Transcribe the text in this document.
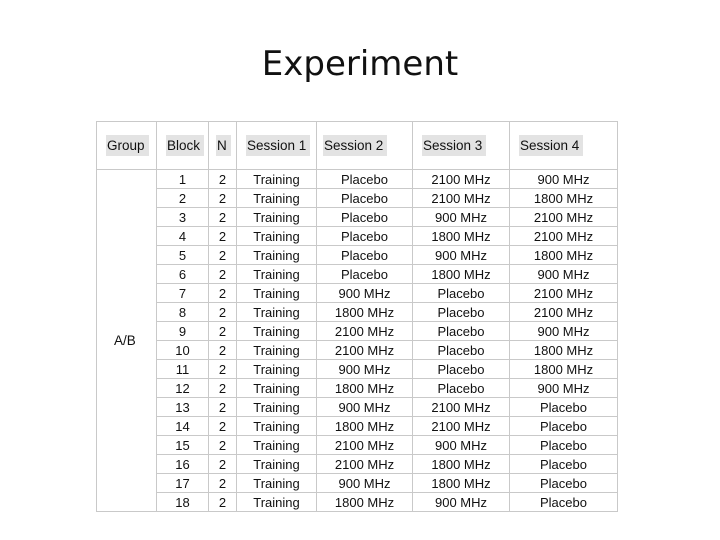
Experiment
Group	Block	N	Session 1	Session 2	Session 3	Session 4
A/B	1	2	Training	Placebo	2100 MHz	900 MHz
	2	2	Training	Placebo	2100 MHz	1800 MHz
	3	2	Training	Placebo	900 MHz	2100 MHz
	4	2	Training	Placebo	1800 MHz	2100 MHz
	5	2	Training	Placebo	900 MHz	1800 MHz
	6	2	Training	Placebo	1800 MHz	900 MHz
	7	2	Training	900 MHz	Placebo	2100 MHz
	8	2	Training	1800 MHz	Placebo	2100 MHz
	9	2	Training	2100 MHz	Placebo	900 MHz
	10	2	Training	2100 MHz	Placebo	1800 MHz
	11	2	Training	900 MHz	Placebo	1800 MHz
	12	2	Training	1800 MHz	Placebo	900 MHz
	13	2	Training	900 MHz	2100 MHz	Placebo
	14	2	Training	1800 MHz	2100 MHz	Placebo
	15	2	Training	2100 MHz	900 MHz	Placebo
	16	2	Training	2100 MHz	1800 MHz	Placebo
	17	2	Training	900 MHz	1800 MHz	Placebo
	18	2	Training	1800 MHz	900 MHz	Placebo
